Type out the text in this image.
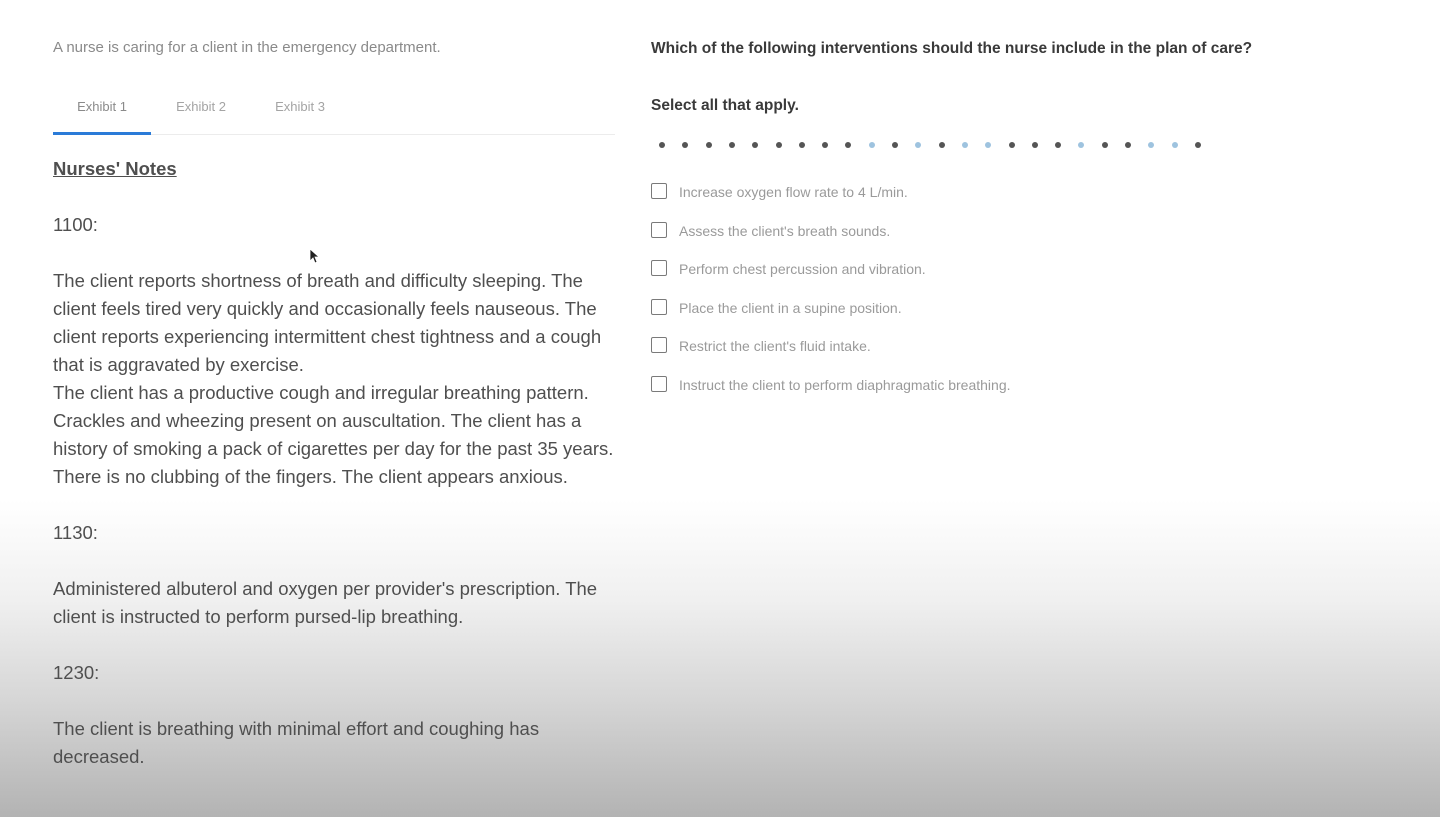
A nurse is caring for a client in the emergency department.
Exhibit 1	Exhibit 2	Exhibit 3

Nurses' Notes

1100:

The client reports shortness of breath and difficulty sleeping. The client feels tired very quickly and occasionally feels nauseous. The client reports experiencing intermittent chest tightness and a cough that is aggravated by exercise.

The client has a productive cough and irregular breathing pattern. Crackles and wheezing present on auscultation. The client has a history of smoking a pack of cigarettes per day for the past 35 years. There is no clubbing of the fingers. The client appears anxious.

1130:

Administered albuterol and oxygen per provider's prescription. The client is instructed to perform pursed-lip breathing.

1230:

The client is breathing with minimal effort and coughing has decreased.

Which of the following interventions should the nurse include in the plan of care?
Select all that apply.
Increase oxygen flow rate to 4 L/min.
Assess the client's breath sounds.
Perform chest percussion and vibration.
Place the client in a supine position.
Restrict the client's fluid intake.
Instruct the client to perform diaphragmatic breathing.
